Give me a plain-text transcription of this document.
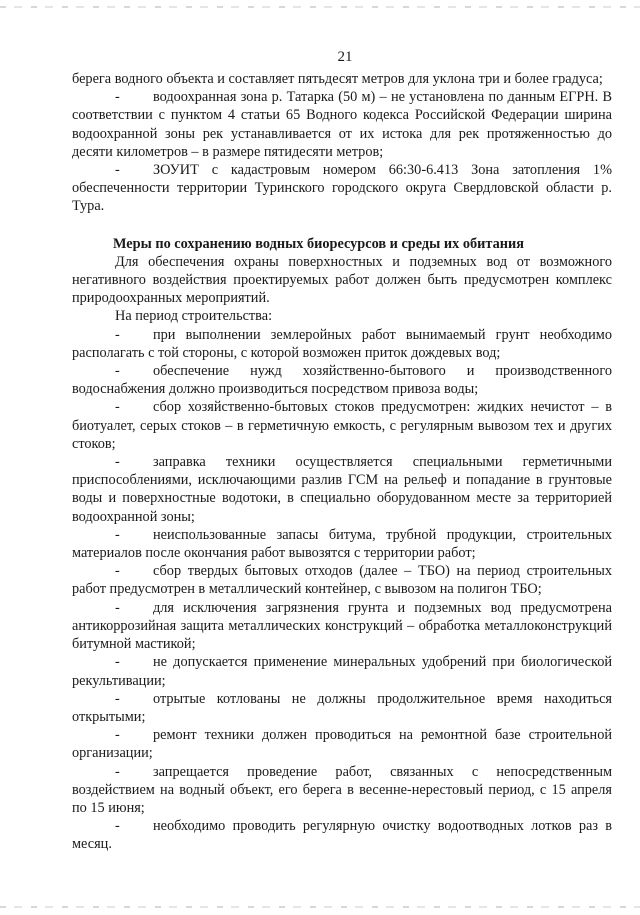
21

берега водного объекта и составляет пятьдесят метров для уклона три и более градуса;

- водоохранная зона р. Татарка (50 м) – не установлена по данным ЕГРН. В соответствии с пунктом 4 статьи 65 Водного кодекса Российской Федерации ширина водоохранной зоны рек устанавливается от их истока для рек протяженностью до десяти километров – в размере пятидесяти метров;

- ЗОУИТ с кадастровым номером 66:30-6.413 Зона затопления 1% обеспеченности территории Туринского городского округа Свердловской области р. Тура.

Меры по сохранению водных биоресурсов и среды их обитания

Для обеспечения охраны поверхностных и подземных вод от возможного негативного воздействия проектируемых работ должен быть предусмотрен комплекс природоохранных мероприятий.

На период строительства:

- при выполнении землеройных работ вынимаемый грунт необходимо располагать с той стороны, с которой возможен приток дождевых вод;

- обеспечение нужд хозяйственно-бытового и производственного водоснабжения должно производиться посредством привоза воды;

- сбор хозяйственно-бытовых стоков предусмотрен: жидких нечистот – в биотуалет, серых стоков – в герметичную емкость, с регулярным вывозом тех и других стоков;

- заправка техники осуществляется специальными герметичными приспособлениями, исключающими разлив ГСМ на рельеф и попадание в грунтовые воды и поверхностные водотоки, в специально оборудованном месте за территорией водоохранной зоны;

- неиспользованные запасы битума, трубной продукции, строительных материалов после окончания работ вывозятся с территории работ;

- сбор твердых бытовых отходов (далее – ТБО) на период строительных работ предусмотрен в металлический контейнер, с вывозом на полигон ТБО;

- для исключения загрязнения грунта и подземных вод предусмотрена антикоррозийная защита металлических конструкций – обработка металлоконструкций битумной мастикой;

- не допускается применение минеральных удобрений при биологической рекультивации;

- отрытые котлованы не должны продолжительное время находиться открытыми;

- ремонт техники должен проводиться на ремонтной базе строительной организации;

- запрещается проведение работ, связанных с непосредственным воздействием на водный объект, его берега в весенне-нерестовый период, с 15 апреля по 15 июня;

- необходимо проводить регулярную очистку водоотводных лотков раз в месяц.
